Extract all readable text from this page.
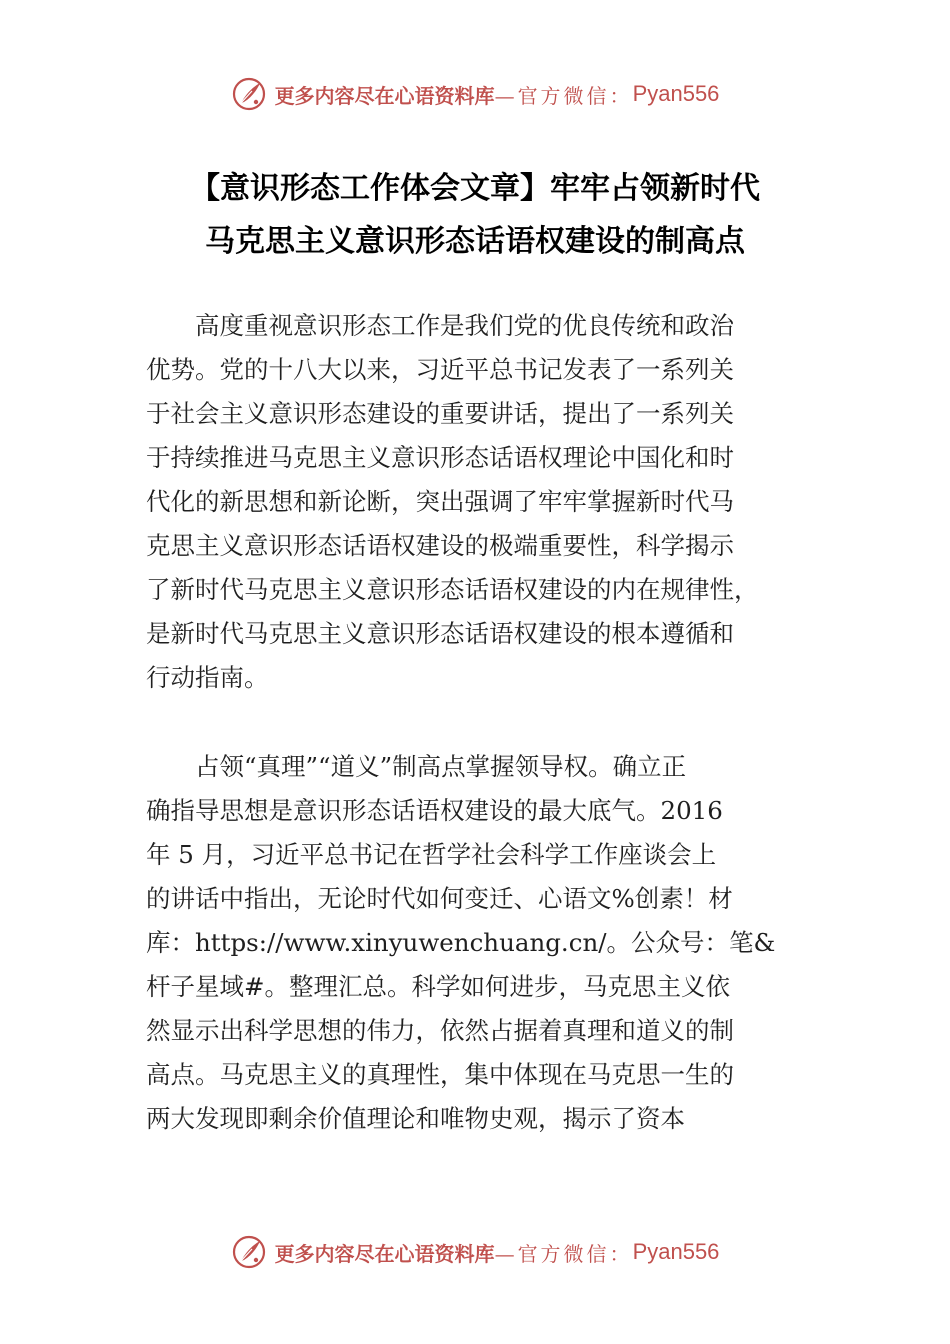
更多内容尽在心语资料库 —官方微信： Pyan556
【意识形态工作体会文章】牢牢占领新时代
马克思主义意识形态话语权建设的制高点
　　高度重视意识形态工作是我们党的优良传统和政治
优势。党的十八大以来，习近平总书记发表了一系列关
于社会主义意识形态建设的重要讲话，提出了一系列关
于持续推进马克思主义意识形态话语权理论中国化和时
代化的新思想和新论断，突出强调了牢牢掌握新时代马
克思主义意识形态话语权建设的极端重要性，科学揭示
了新时代马克思主义意识形态话语权建设的内在规律性，
是新时代马克思主义意识形态话语权建设的根本遵循和
行动指南。
　　占领“真理”“道义”制高点掌握领导权。确立正
确指导思想是意识形态话语权建设的最大底气。2016
年 5 月，习近平总书记在哲学社会科学工作座谈会上
的讲话中指出，无论时代如何变迁、心语文%创素！材
库：https://www.xinyuwenchuang.cn/。公众号：笔&
杆子星域#。整理汇总。科学如何进步，马克思主义依
然显示出科学思想的伟力，依然占据着真理和道义的制
高点。马克思主义的真理性，集中体现在马克思一生的
两大发现即剩余价值理论和唯物史观，揭示了资本
更多内容尽在心语资料库 —官方微信： Pyan556
